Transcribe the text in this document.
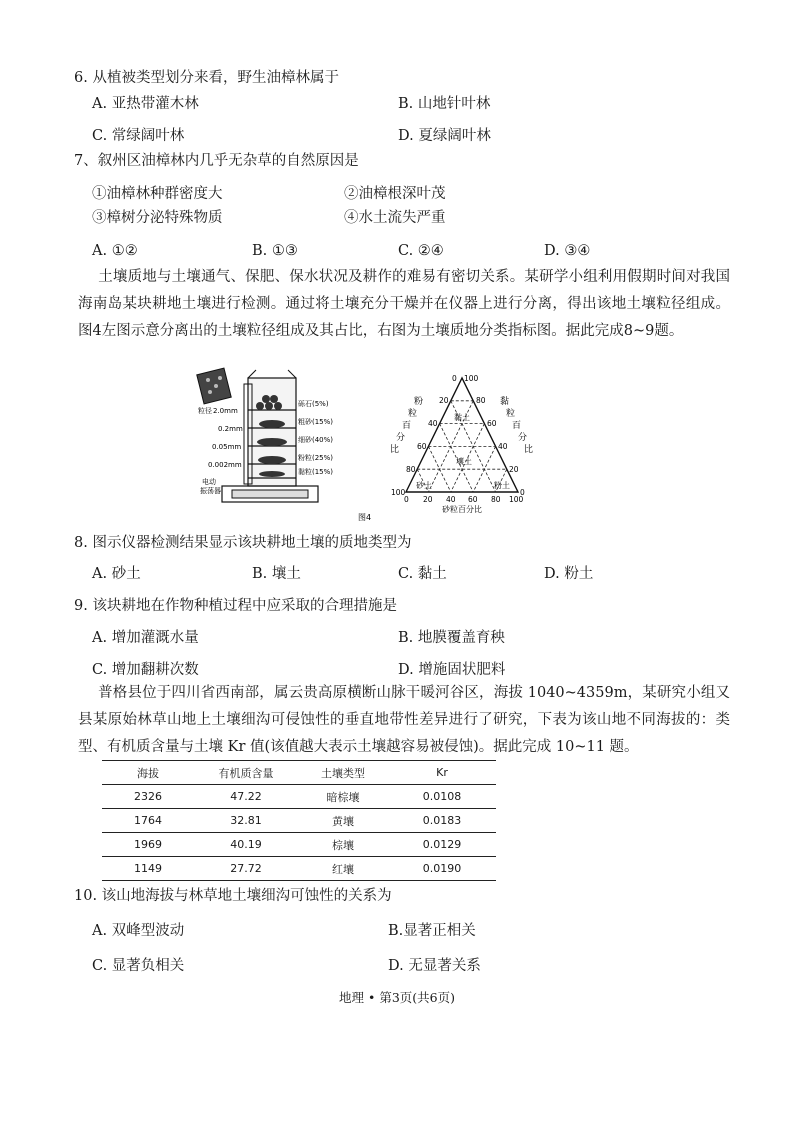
6. 从植被类型划分来看，野生油樟林属于
A. 亚热带灌木林	B. 山地针叶林
C. 常绿阔叶林	D. 夏绿阔叶林
7、叙州区油樟林内几乎无杂草的自然原因是
①油樟林种群密度大	②油樟根深叶茂
③樟树分泌特殊物质	④水土流失严重
A. ①②	B. ①③	C. ②④	D. ③④
土壤质地与土壤通气、保肥、保水状况及耕作的难易有密切关系。某研学小组利用假期时间对我国海南岛某块耕地土壤进行检测。通过将土壤充分干燥并在仪器上进行分离，得出该地土壤粒径组成。图4左图示意分离出的土壤粒径组成及其占比，右图为土壤质地分类指标图。据此完成8~9题。
粒径 2.0mm
0.2mm
0.05mm
0.002mm
砾石(5%)
粗砂(15%)
细砂(40%)
粉粒(25%)
黏粒(15%)
电动
振荡器
0
20
40
60
80
100
100
80
60
40
20
0
0 20 40 60 80 100
粉
粒
百
分
比
黏
粒
百
分
比
黏土
壤土
砂土	粉土
砂粒百分比
图4
8. 图示仪器检测结果显示该块耕地土壤的质地类型为
A. 砂土	B. 壤土	C. 黏土	D. 粉土
9. 该块耕地在作物种植过程中应采取的合理措施是
A. 增加灌溉水量	B. 地膜覆盖育秧
C. 增加翻耕次数	D. 增施固状肥料
普格县位于四川省西南部，属云贵高原横断山脉干暖河谷区，海拔 1040~4359m，某研究小组又县某原始林草山地上土壤细沟可侵蚀性的垂直地带性差异进行了研究，下表为该山地不同海拔的：类型、有机质含量与土壤 Kr 值(该值越大表示土壤越容易被侵蚀)。据此完成 10~11 题。
海拔	有机质含量	土壤类型	Kr
2326	47.22	暗棕壤	0.0108
1764	32.81	黄壤	0.0183
1969	40.19	棕壤	0.0129
1149	27.72	红壤	0.0190
10. 该山地海拔与林草地土壤细沟可蚀性的关系为
A. 双峰型波动	B.显著正相关
C. 显著负相关	D. 无显著关系
地理 • 第3页(共6页)
